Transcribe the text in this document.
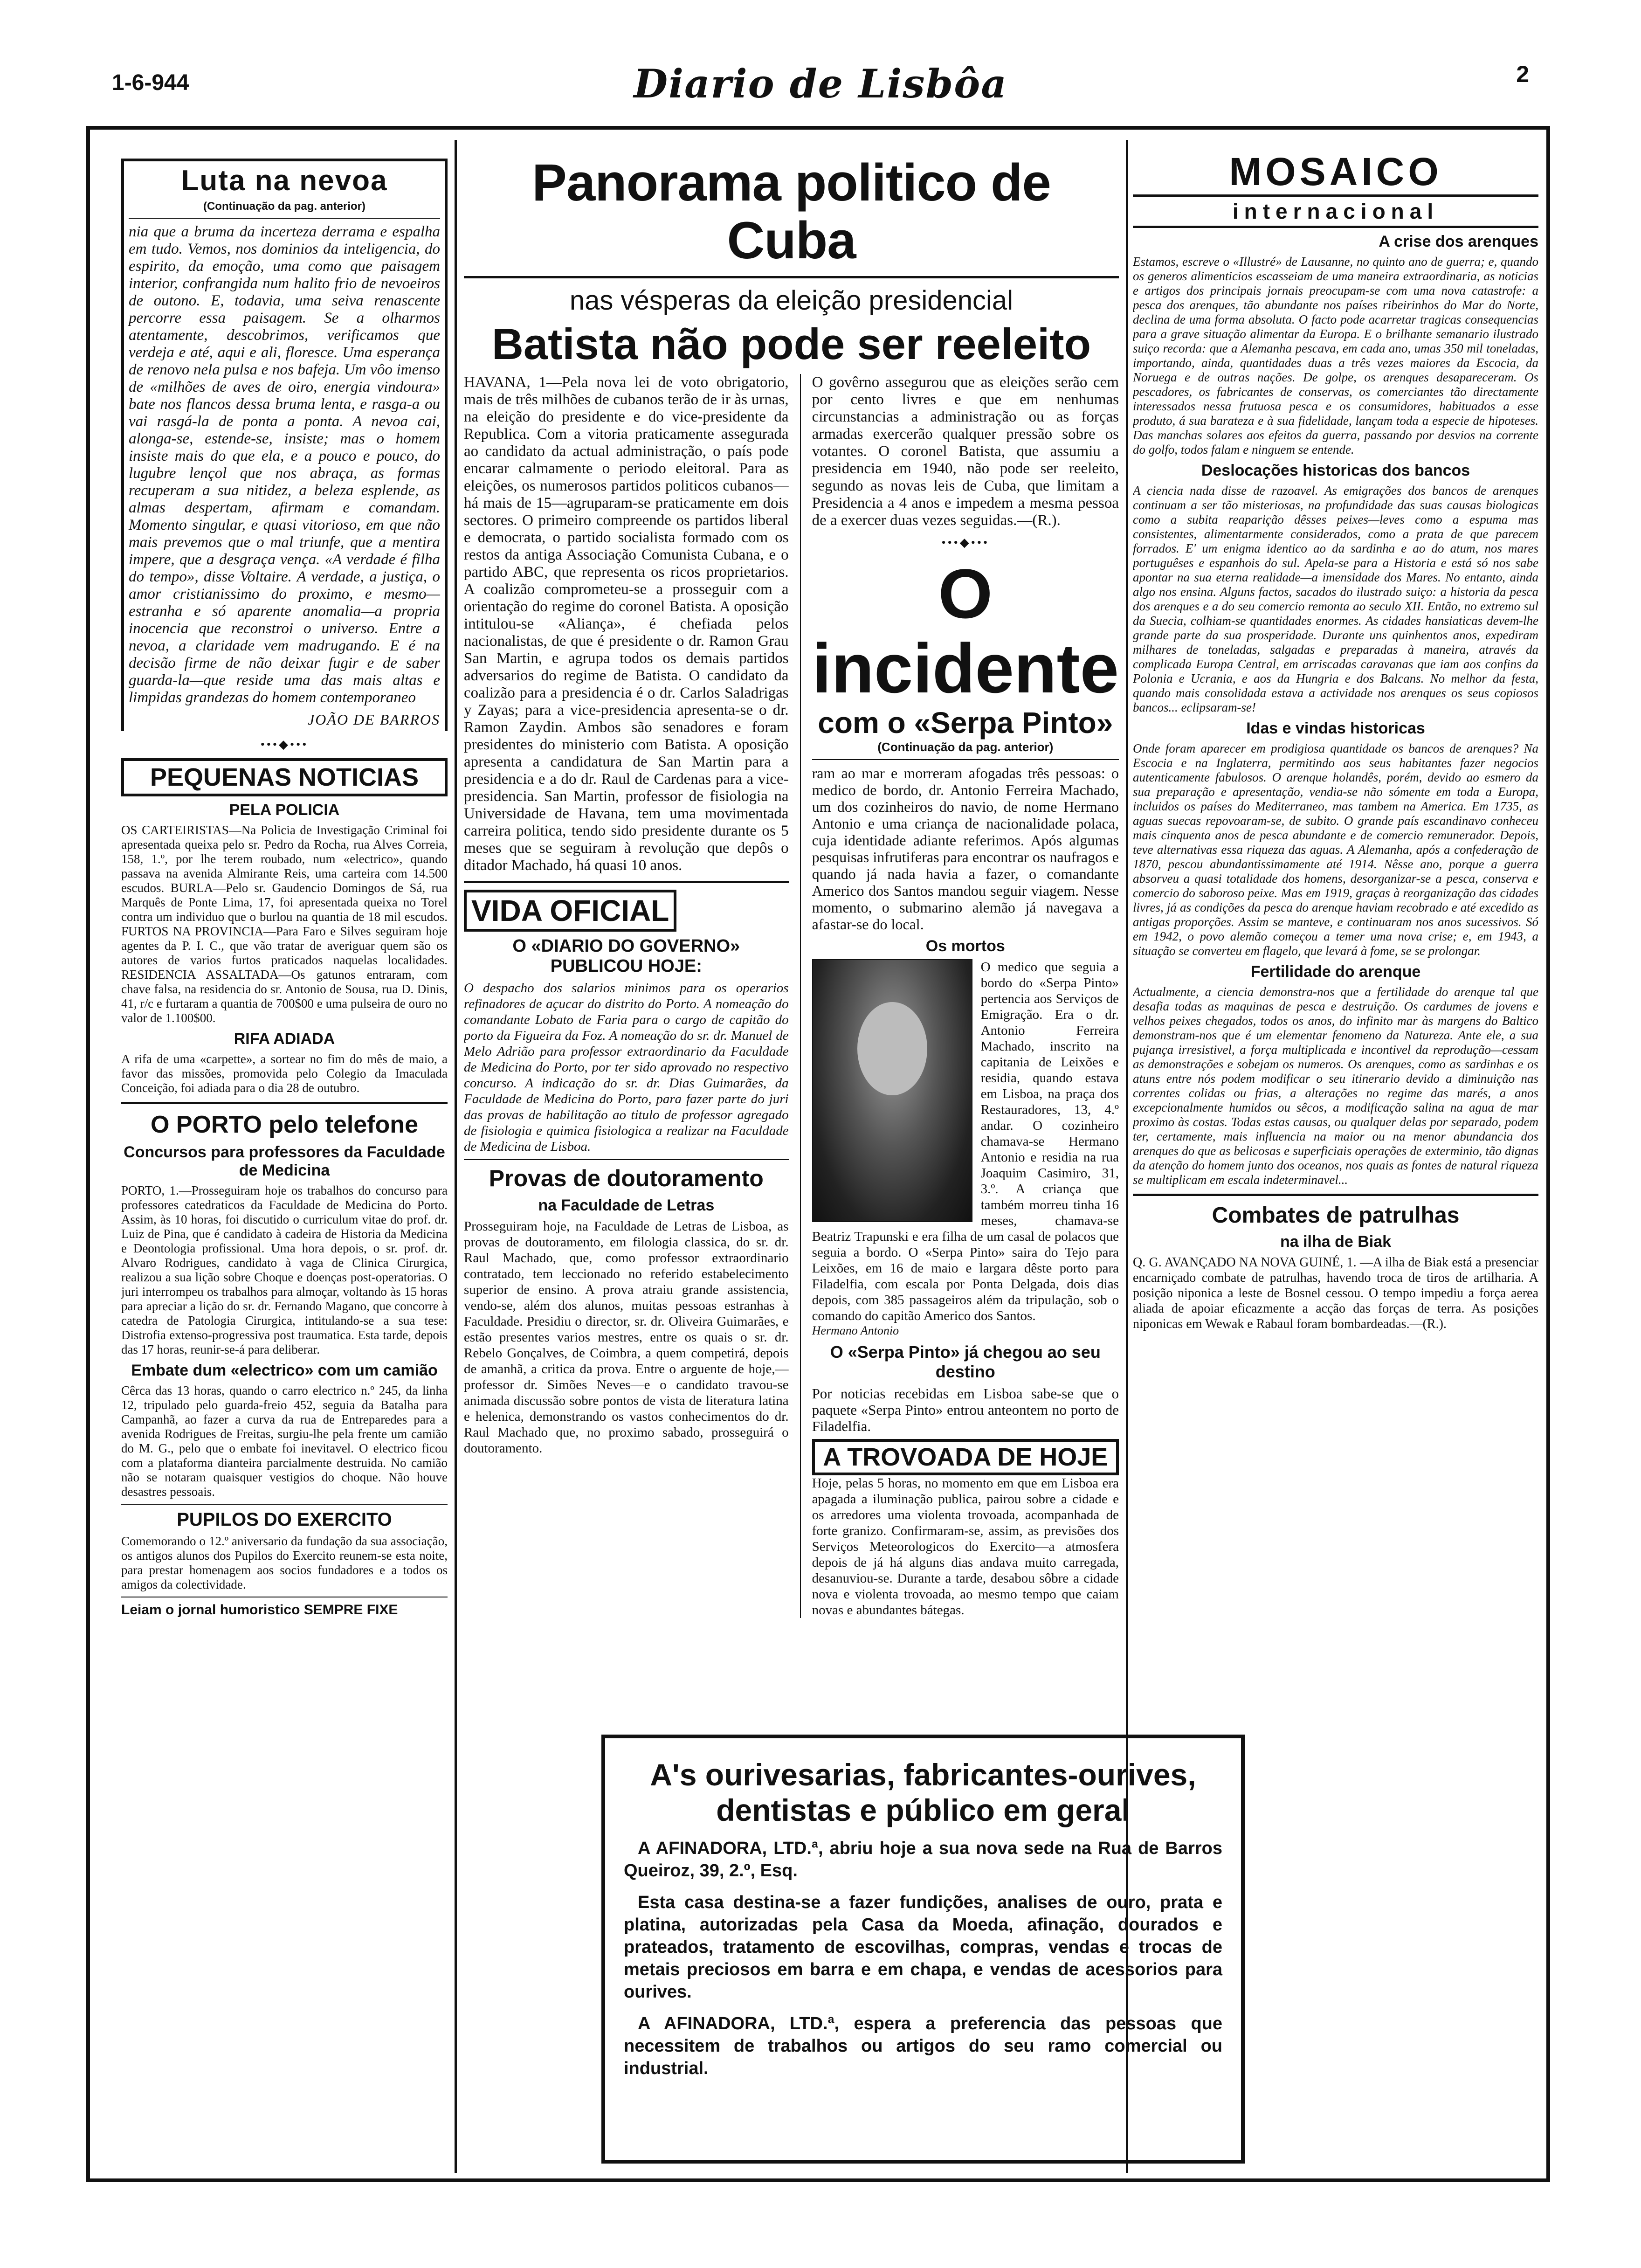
1-6-944	Diario de Lisbôa	2
Luta na nevoa
(Continuação da pag. anterior)
nia que a bruma da incerteza derrama e espalha em tudo. Vemos, nos dominios da inteligencia, do espirito, da emoção, uma como que paisagem interior, confrangida num halito frio de nevoeiros de outono. E, todavia, uma seiva renascente percorre essa paisagem. Se a olharmos atentamente, descobrimos, verificamos que verdeja e até, aqui e ali, floresce. Uma esperança de renovo nela pulsa e nos bafeja. Um vôo imenso de «milhões de aves de oiro, energia vindoura» bate nos flancos dessa bruma lenta, e rasga-a ou vai rasgá-la de ponta a ponta. A nevoa cai, alonga-se, estende-se, insiste; mas o homem insiste mais do que ela, e a pouco e pouco, do lugubre lençol que nos abraça, as formas recuperam a sua nitidez, a beleza esplende, as almas despertam, afirmam e comandam. Momento singular, e quasi vitorioso, em que não mais prevemos que o mal triunfe, que a mentira impere, que a desgraça vença. «A verdade é filha do tempo», disse Voltaire. A verdade, a justiça, o amor cristianissimo do proximo, e mesmo—estranha e só aparente anomalia—a propria inocencia que reconstroi o universo. Entre a nevoa, a claridade vem madrugando. E é na decisão firme de não deixar fugir e de saber guarda-la—que reside uma das mais altas e limpidas grandezas do homem contemporaneo
JOÃO DE BARROS
•••◆•••
PEQUENAS NOTICIAS
PELA POLICIA
OS CARTEIRISTAS—Na Policia de Investigação Criminal foi apresentada queixa pelo sr. Pedro da Rocha, rua Alves Correia, 158, 1.º, por lhe terem roubado, num «electrico», quando passava na avenida Almirante Reis, uma carteira com 14.500 escudos. BURLA—Pelo sr. Gaudencio Domingos de Sá, rua Marquês de Ponte Lima, 17, foi apresentada queixa no Torel contra um individuo que o burlou na quantia de 18 mil escudos. FURTOS NA PROVINCIA—Para Faro e Silves seguiram hoje agentes da P. I. C., que vão tratar de averiguar quem são os autores de varios furtos praticados naquelas localidades. RESIDENCIA ASSALTADA—Os gatunos entraram, com chave falsa, na residencia do sr. Antonio de Sousa, rua D. Dinis, 41, r/c e furtaram a quantia de 700$00 e uma pulseira de ouro no valor de 1.100$00.
RIFA ADIADA
A rifa de uma «carpette», a sortear no fim do mês de maio, a favor das missões, promovida pelo Colegio da Imaculada Conceição, foi adiada para o dia 28 de outubro.
O PORTO pelo telefone
Concursos para professores da Faculdade de Medicina
PORTO, 1.—Prosseguiram hoje os trabalhos do concurso para professores catedraticos da Faculdade de Medicina do Porto. Assim, às 10 horas, foi discutido o curriculum vitae do prof. dr. Luiz de Pina, que é candidato à cadeira de Historia da Medicina e Deontologia profissional. Uma hora depois, o sr. prof. dr. Alvaro Rodrigues, candidato à vaga de Clinica Cirurgica, realizou a sua lição sobre Choque e doenças post-operatorias. O juri interrompeu os trabalhos para almoçar, voltando às 15 horas para apreciar a lição do sr. dr. Fernando Magano, que concorre à catedra de Patologia Cirurgica, intitulando-se a sua tese: Distrofia extenso-progressiva post traumatica. Esta tarde, depois das 17 horas, reunir-se-á para deliberar.
Embate dum «electrico» com um camião
Cêrca das 13 horas, quando o carro electrico n.º 245, da linha 12, tripulado pelo guarda-freio 452, seguia da Batalha para Campanhã, ao fazer a curva da rua de Entreparedes para a avenida Rodrigues de Freitas, surgiu-lhe pela frente um camião do M. G., pelo que o embate foi inevitavel. O electrico ficou com a plataforma dianteira parcialmente destruida. No camião não se notaram quaisquer vestigios do choque. Não houve desastres pessoais.
PUPILOS DO EXERCITO
Comemorando o 12.º aniversario da fundação da sua associação, os antigos alunos dos Pupilos do Exercito reunem-se esta noite, para prestar homenagem aos socios fundadores e a todos os amigos da colectividade.
Leiam o jornal humoristico SEMPRE FIXE
Panorama politico de Cuba
nas vésperas da eleição presidencial
Batista não pode ser reeleito
HAVANA, 1—Pela nova lei de voto obrigatorio, mais de três milhões de cubanos terão de ir às urnas, na eleição do presidente e do vice-presidente da Republica. Com a vitoria praticamente assegurada ao candidato da actual administração, o país pode encarar calmamente o periodo eleitoral. Para as eleições, os numerosos partidos politicos cubanos—há mais de 15—agruparam-se praticamente em dois sectores. O primeiro compreende os partidos liberal e democrata, o partido socialista formado com os restos da antiga Associação Comunista Cubana, e o partido ABC, que representa os ricos proprietarios. A coalizão comprometeu-se a prosseguir com a orientação do regime do coronel Batista. A oposição intitulou-se «Aliança», é chefiada pelos nacionalistas, de que é presidente o dr. Ramon Grau San Martin, e agrupa todos os demais partidos adversarios do regime de Batista. O candidato da coalizão para a presidencia é o dr. Carlos Saladrigas y Zayas; para a vice-presidencia apresenta-se o dr. Ramon Zaydin. Ambos são senadores e foram presidentes do ministerio com Batista. A oposição apresenta a candidatura de San Martin para a presidencia e a do dr. Raul de Cardenas para a vice-presidencia. San Martin, professor de fisiologia na Universidade de Havana, tem uma movimentada carreira politica, tendo sido presidente durante os 5 meses que se seguiram à revolução que depôs o ditador Machado, há quasi 10 anos.
VIDA OFICIAL
O «DIARIO DO GOVERNO» PUBLICOU HOJE:
O despacho dos salarios minimos para os operarios refinadores de açucar do distrito do Porto. A nomeação do comandante Lobato de Faria para o cargo de capitão do porto da Figueira da Foz. A nomeação do sr. dr. Manuel de Melo Adrião para professor extraordinario da Faculdade de Medicina do Porto, por ter sido aprovado no respectivo concurso. A indicação do sr. dr. Dias Guimarães, da Faculdade de Medicina do Porto, para fazer parte do juri das provas de habilitação ao titulo de professor agregado de fisiologia e quimica fisiologica a realizar na Faculdade de Medicina de Lisboa.
Provas de doutoramento
na Faculdade de Letras
Prosseguiram hoje, na Faculdade de Letras de Lisboa, as provas de doutoramento, em filologia classica, do sr. dr. Raul Machado, que, como professor extraordinario contratado, tem leccionado no referido estabelecimento superior de ensino. A prova atraiu grande assistencia, vendo-se, além dos alunos, muitas pessoas estranhas à Faculdade. Presidiu o director, sr. dr. Oliveira Guimarães, e estão presentes varios mestres, entre os quais o sr. dr. Rebelo Gonçalves, de Coimbra, a quem competirá, depois de amanhã, a critica da prova. Entre o arguente de hoje,—professor dr. Simões Neves—e o candidato travou-se animada discussão sobre pontos de vista de literatura latina e helenica, demonstrando os vastos conhecimentos do dr. Raul Machado que, no proximo sabado, prosseguirá o doutoramento.
O govêrno assegurou que as eleições serão cem por cento livres e que em nenhumas circunstancias a administração ou as forças armadas exercerão qualquer pressão sobre os votantes. O coronel Batista, que assumiu a presidencia em 1940, não pode ser reeleito, segundo as novas leis de Cuba, que limitam a Presidencia a 4 anos e impedem a mesma pessoa de a exercer duas vezes seguidas.—(R.).
•••◆•••
O incidente
com o «Serpa Pinto»
(Continuação da pag. anterior)
ram ao mar e morreram afogadas três pessoas: o medico de bordo, dr. Antonio Ferreira Machado, um dos cozinheiros do navio, de nome Hermano Antonio e uma criança de nacionalidade polaca, cuja identidade adiante referimos. Após algumas pesquisas infrutiferas para encontrar os naufragos e quando já nada havia a fazer, o comandante Americo dos Santos mandou seguir viagem. Nesse momento, o submarino alemão já navegava a afastar-se do local.
Os mortos
O medico que seguia a bordo do «Serpa Pinto» pertencia aos Serviços de Emigração. Era o dr. Antonio Ferreira Machado, inscrito na capitania de Leixões e residia, quando estava em Lisboa, na praça dos Restauradores, 13, 4.º andar. O cozinheiro chamava-se Hermano Antonio e residia na rua Joaquim Casimiro, 31, 3.º. A criança que também morreu tinha 16 meses, chamava-se Beatriz Trapunski e era filha de um casal de polacos que seguia a bordo. O «Serpa Pinto» saira do Tejo para Leixões, em 16 de maio e largara dêste porto para Filadelfia, com escala por Ponta Delgada, dois dias depois, com 385 passageiros além da tripulação, sob o comando do capitão Americo dos Santos.
Hermano Antonio
O «Serpa Pinto» já chegou ao seu destino
Por noticias recebidas em Lisboa sabe-se que o paquete «Serpa Pinto» entrou anteontem no porto de Filadelfia.
A TROVOADA DE HOJE
Hoje, pelas 5 horas, no momento em que em Lisboa era apagada a iluminação publica, pairou sobre a cidade e os arredores uma violenta trovoada, acompanhada de forte granizo. Confirmaram-se, assim, as previsões dos Serviços Meteorologicos do Exercito—a atmosfera depois de já há alguns dias andava muito carregada, desanuviou-se. Durante a tarde, desabou sôbre a cidade nova e violenta trovoada, ao mesmo tempo que caiam novas e abundantes bátegas.
A's ourivesarias, fabricantes-ourives, dentistas e público em geral

A AFINADORA, LTD.ª, abriu hoje a sua nova sede na Rua de Barros Queiroz, 39, 2.º, Esq.

Esta casa destina-se a fazer fundições, analises de ouro, prata e platina, autorizadas pela Casa da Moeda, afinação, dourados e prateados, tratamento de escovilhas, compras, vendas e trocas de metais preciosos em barra e em chapa, e vendas de acessorios para ourives.

A AFINADORA, LTD.ª, espera a preferencia das pessoas que necessitem de trabalhos ou artigos do seu ramo comercial ou industrial.

MOSAICO
internacional
A crise dos arenques
Estamos, escreve o «Illustré» de Lausanne, no quinto ano de guerra; e, quando os generos alimenticios escasseiam de uma maneira extraordinaria, as noticias e artigos dos principais jornais preocupam-se com uma nova catastrofe: a pesca dos arenques, tão abundante nos países ribeirinhos do Mar do Norte, declina de uma forma absoluta. O facto pode acarretar tragicas consequencias para a grave situação alimentar da Europa. E o brilhante semanario ilustrado suiço recorda: que a Alemanha pescava, em cada ano, umas 350 mil toneladas, importando, ainda, quantidades duas a três vezes maiores da Escocia, da Noruega e de outras nações. De golpe, os arenques desapareceram. Os pescadores, os fabricantes de conservas, os comerciantes tão directamente interessados nessa frutuosa pesca e os consumidores, habituados a esse produto, á sua barateza e à sua fidelidade, lançam toda a especie de hipoteses. Das manchas solares aos efeitos da guerra, passando por desvios na corrente do golfo, todos falam e ninguem se entende.
Deslocações historicas dos bancos
A ciencia nada disse de razoavel. As emigrações dos bancos de arenques continuam a ser tão misteriosas, na profundidade das suas causas biologicas como a subita reaparição dêsses peixes—leves como a espuma mas consistentes, alimentarmente considerados, como a prata de que parecem forrados. E' um enigma identico ao da sardinha e ao do atum, nos mares portuguêses e espanhois do sul. Apela-se para a Historia e está só nos sabe apontar na sua eterna realidade—a imensidade dos Mares. No entanto, ainda algo nos ensina. Alguns factos, sacados do ilustrado suiço: a historia da pesca dos arenques e a do seu comercio remonta ao seculo XII. Então, no extremo sul da Suecia, colhiam-se quantidades enormes. As cidades hansiaticas devem-lhe grande parte da sua prosperidade. Durante uns quinhentos anos, expediram milhares de toneladas, salgadas e preparadas à maneira, através da complicada Europa Central, em arriscadas caravanas que iam aos confins da Polonia e Ucrania, e aos da Hungria e dos Balcans. No melhor da festa, quando mais consolidada estava a actividade nos arenques os seus copiosos bancos... eclipsaram-se!
Idas e vindas historicas
Onde foram aparecer em prodigiosa quantidade os bancos de arenques? Na Escocia e na Inglaterra, permitindo aos seus habitantes fazer negocios autenticamente fabulosos. O arenque holandês, porém, devido ao esmero da sua preparação e apresentação, vendia-se não sómente em toda a Europa, incluidos os países do Mediterraneo, mas tambem na America. Em 1735, as aguas suecas repovoaram-se, de subito. O grande país escandinavo conheceu mais cinquenta anos de pesca abundante e de comercio remunerador. Depois, teve alternativas essa riqueza das aguas. A Alemanha, após a confederação de 1870, pescou abundantissimamente até 1914. Nêsse ano, porque a guerra absorveu a quasi totalidade dos homens, desorganizar-se a pesca, conserva e comercio do saboroso peixe. Mas em 1919, graças à reorganização das cidades livres, já as condições da pesca do arenque haviam recobrado e até excedido as antigas proporções. Assim se manteve, e continuaram nos anos sucessivos. Só em 1942, o povo alemão começou a temer uma nova crise; e, em 1943, a situação se converteu em flagelo, que levará à fome, se se prolongar.
Fertilidade do arenque
Actualmente, a ciencia demonstra-nos que a fertilidade do arenque tal que desafia todas as maquinas de pesca e destruição. Os cardumes de jovens e velhos peixes chegados, todos os anos, do infinito mar às margens do Baltico demonstram-nos que é um elementar fenomeno da Natureza. Ante ele, a sua pujança irresistivel, a força multiplicada e incontivel da reprodução—cessam as demonstrações e sobejam os numeros. Os arenques, como as sardinhas e os atuns entre nós podem modificar o seu itinerario devido a diminuição nas correntes colidas ou frias, a alterações no regime das marés, a anos excepcionalmente humidos ou sêcos, a modificação salina na agua de mar proximo às costas. Todas estas causas, ou qualquer delas por separado, podem ter, certamente, mais influencia na maior ou na menor abundancia dos arenques do que as belicosas e superficiais operações de exterminio, tão dignas da atenção do homem junto dos oceanos, nos quais as fontes de natural riqueza se multiplicam em escala indeterminavel...
Combates de patrulhas
na ilha de Biak
Q. G. AVANÇADO NA NOVA GUINÉ, 1. —A ilha de Biak está a presenciar encarniçado combate de patrulhas, havendo troca de tiros de artilharia. A posição niponica a leste de Bosnel cessou. O tempo impediu a força aerea aliada de apoiar eficazmente a acção das forças de terra. As posições niponicas em Wewak e Rabaul foram bombardeadas.—(R.).
